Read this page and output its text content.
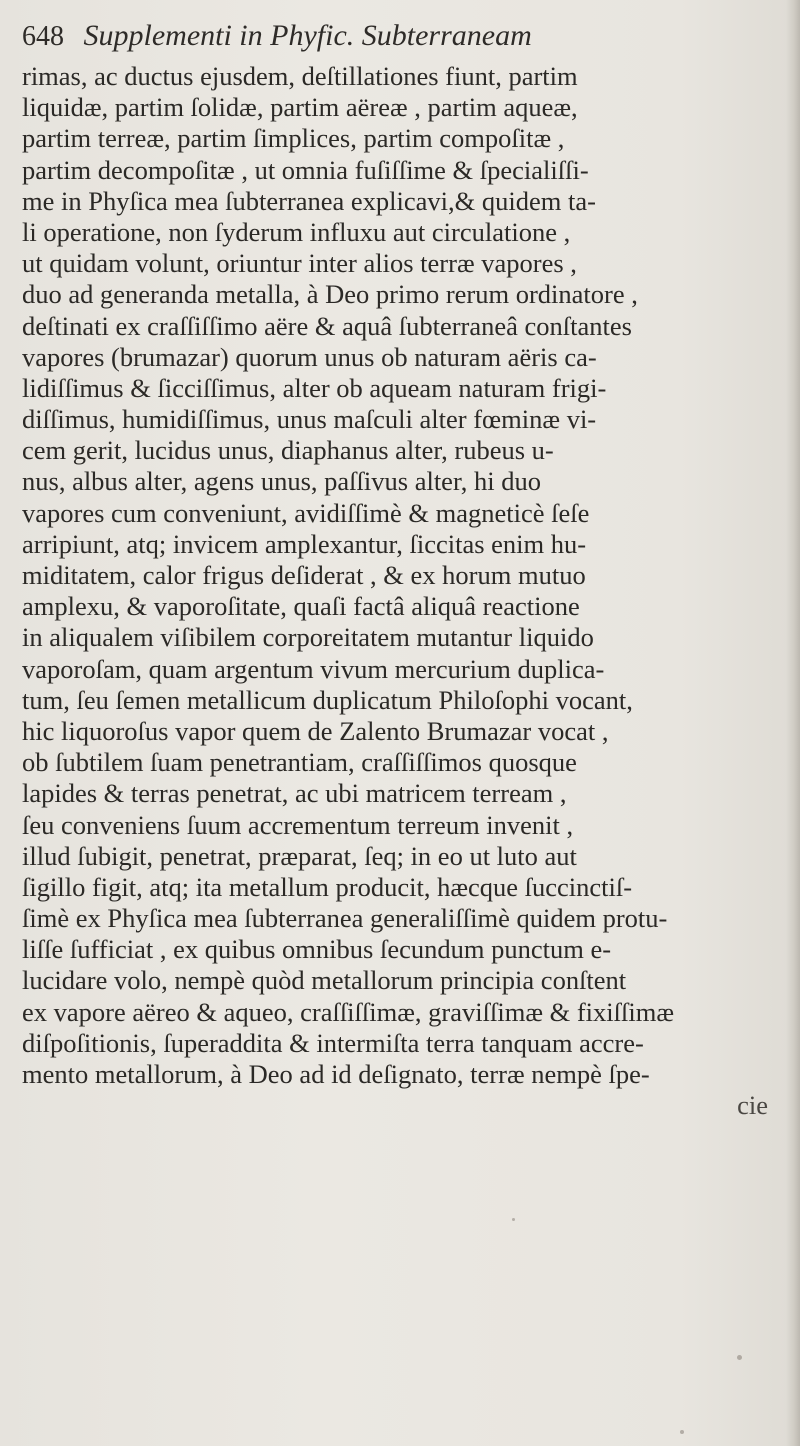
648 Supplementi in Phyfic. Subterraneam
rimas, ac ductus ejusdem, deſtillationes fiunt, partim
liquidæ, partim ſolidæ, partim aëreæ , partim aqueæ,
partim terreæ, partim ſimplices, partim compoſitæ ,
partim decompoſitæ , ut omnia fuſiſſime & ſpecialiſſi-
me in Phyſica mea ſubterranea explicavi,& quidem ta-
li operatione, non ſyderum influxu aut circulatione ,
ut quidam volunt, oriuntur inter alios terræ vapores ,
duo ad generanda metalla, à Deo primo rerum ordinatore ,
deſtinati ex craſſiſſimo aëre & aquâ ſubterraneâ conſtantes
vapores (brumazar) quorum unus ob naturam aëris ca-
lidiſſimus & ſicciſſimus, alter ob aqueam naturam frigi-
diſſimus, humidiſſimus, unus maſculi alter fœminæ vi-
cem gerit, lucidus unus, diaphanus alter, rubeus u-
nus, albus alter, agens unus, paſſivus alter, hi duo
vapores cum conveniunt, avidiſſimè & magneticè ſeſe
arripiunt, atq; invicem amplexantur, ſiccitas enim hu-
miditatem, calor frigus deſiderat , & ex horum mutuo
amplexu, & vaporoſitate, quaſi factâ aliquâ reactione
in aliqualem viſibilem corporeitatem mutantur liquido
vaporoſam, quam argentum vivum mercurium duplica-
tum, ſeu ſemen metallicum duplicatum Philoſophi vocant,
hic liquoroſus vapor quem de Zalento Brumazar vocat ,
ob ſubtilem ſuam penetrantiam, craſſiſſimos quosque
lapides & terras penetrat, ac ubi matricem terream ,
ſeu conveniens ſuum accrementum terreum invenit ,
illud ſubigit, penetrat, præparat, ſeq; in eo ut luto aut
ſigillo figit, atq; ita metallum producit, hæcque ſuccinctiſ-
ſimè ex Phyſica mea ſubterranea generaliſſimè quidem protu-
liſſe ſufficiat , ex quibus omnibus ſecundum punctum e-
lucidare volo, nempè quòd metallorum principia conſtent
ex vapore aëreo & aqueo, craſſiſſimæ, graviſſimæ & fixiſſimæ
diſpoſitionis, ſuperaddita & intermiſta terra tanquam accre-
mento metallorum, à Deo ad id deſignato, terræ nempè ſpe-
cie
